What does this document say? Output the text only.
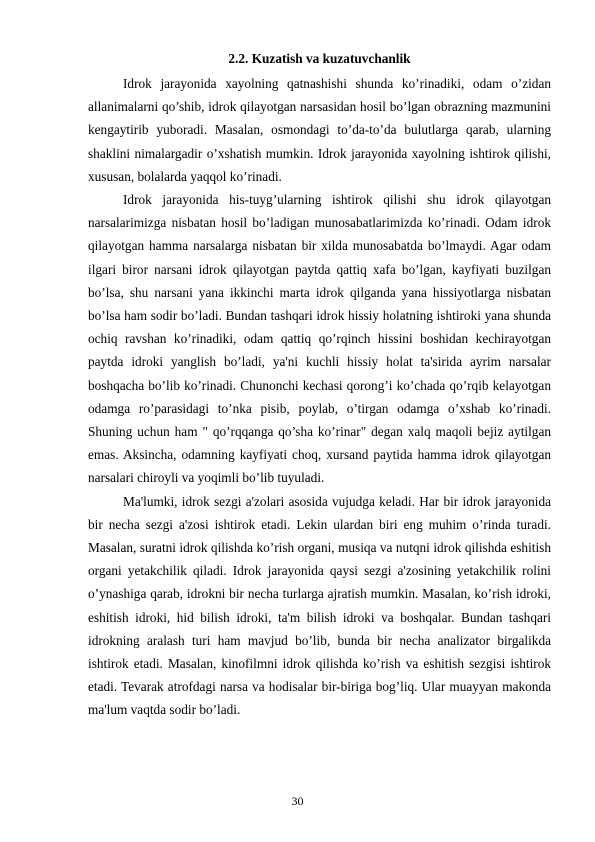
2.2. Kuzatish va kuzatuvchanlik

Idrok jarayonida xayolning qatnashishi shunda ko’rinadiki, odam o’zidan allanimalarni qo’shib, idrok qilayotgan narsasidan hosil bo’lgan obrazning mazmunini kengaytirib yuboradi. Masalan, osmondagi to’da-to’da bulutlarga qarab, ularning shaklini nimalargadir o’xshatish mumkin. Idrok jarayonida xayolning ishtirok qilishi, xususan, bolalarda yaqqol ko’rinadi.

Idrok jarayonida his-tuyg’ularning ishtirok qilishi shu idrok qilayotgan narsalarimizga nisbatan hosil bo’ladigan munosabatlarimizda ko’rinadi. Odam idrok qilayotgan hamma narsalarga nisbatan bir xilda munosabatda bo’lmaydi. Agar odam ilgari biror narsani idrok qilayotgan paytda qattiq xafa bo’lgan, kayfiyati buzilgan bo’lsa, shu narsani yana ikkinchi marta idrok qilganda yana hissiyotlarga nisbatan bo’lsa ham sodir bo’ladi. Bundan tashqari idrok hissiy holatning ishtiroki yana shunda ochiq ravshan ko’rinadiki, odam qattiq qo’rqinch hissini boshidan kechirayotgan paytda idroki yanglish bo’ladi, ya'ni kuchli hissiy holat ta'sirida ayrim narsalar boshqacha bo’lib ko’rinadi. Chunonchi kechasi qorong’i ko’chada qo’rqib kelayotgan odamga ro’parasidagi to’nka pisib, poylab, o’tirgan odamga o’xshab ko’rinadi. Shuning uchun ham " qo’rqqanga qo’sha ko’rinar" degan xalq maqoli bejiz aytilgan emas. Aksincha, odamning kayfiyati choq, xursand paytida hamma idrok qilayotgan narsalari chiroyli va yoqimli bo’lib tuyuladi.

Ma'lumki, idrok sezgi a'zolari asosida vujudga keladi. Har bir idrok jarayonida bir necha sezgi a'zosi ishtirok etadi. Lekin ulardan biri eng muhim o’rinda turadi. Masalan, suratni idrok qilishda ko’rish organi, musiqa va nutqni idrok qilishda eshitish organi yetakchilik qiladi. Idrok jarayonida qaysi sezgi a'zosining yetakchilik rolini o’ynashiga qarab, idrokni bir necha turlarga ajratish mumkin. Masalan, ko’rish idroki, eshitish idroki, hid bilish idroki, ta'm bilish idroki va boshqalar. Bundan tashqari idrokning aralash turi ham mavjud bo’lib, bunda bir necha analizator birgalikda ishtirok etadi. Masalan, kinofilmni idrok qilishda ko’rish va eshitish sezgisi ishtirok etadi. Tevarak atrofdagi narsa va hodisalar bir-biriga bog’liq. Ular muayyan makonda ma'lum vaqtda sodir bo’ladi.

30
